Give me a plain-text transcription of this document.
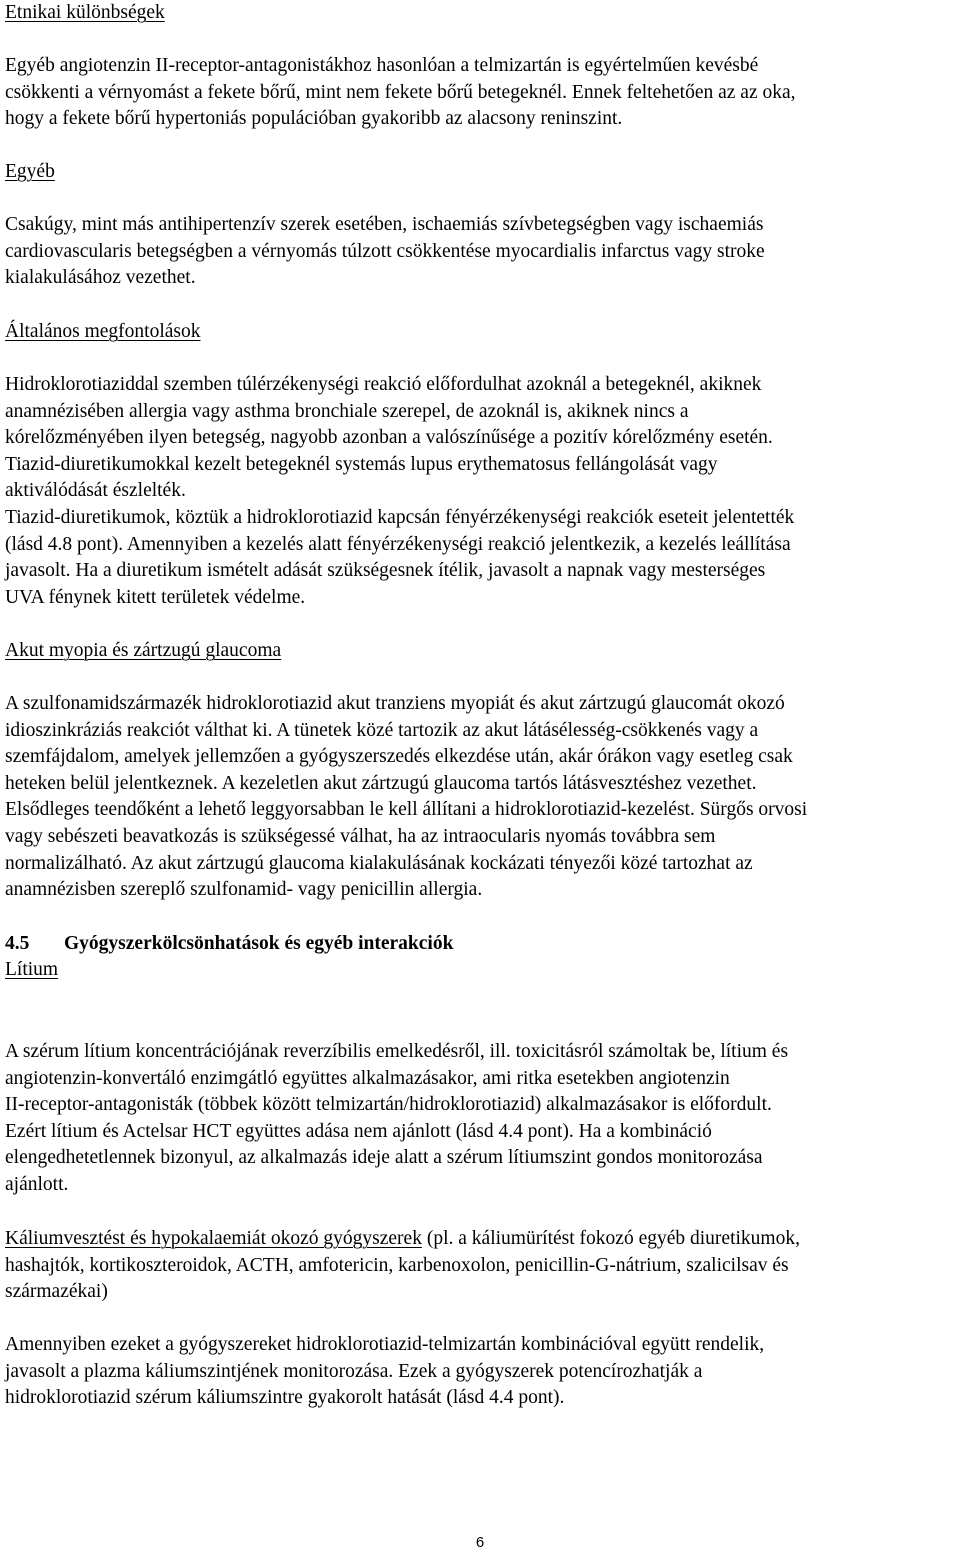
Etnikai különbségek
Egyéb angiotenzin II-receptor-antagonistákhoz hasonlóan a telmizartán is egyértelműen kevésbé
csökkenti a vérnyomást a fekete bőrű, mint nem fekete bőrű betegeknél. Ennek feltehetően az az oka,
hogy a fekete bőrű hypertoniás populációban gyakoribb az alacsony reninszint.
Egyéb
Csakúgy, mint más antihipertenzív szerek esetében, ischaemiás szívbetegségben vagy ischaemiás
cardiovascularis betegségben a vérnyomás túlzott csökkentése myocardialis infarctus vagy stroke
kialakulásához vezethet.
Általános megfontolások
Hidroklorotiaziddal szemben túlérzékenységi reakció előfordulhat azoknál a betegeknél, akiknek
anamnézisében allergia vagy asthma bronchiale szerepel, de azoknál is, akiknek nincs a
kórelőzményében ilyen betegség, nagyobb azonban a valószínűsége a pozitív kórelőzmény esetén.
Tiazid-diuretikumokkal kezelt betegeknél systemás lupus erythematosus fellángolását vagy
aktiválódását észlelték.
Tiazid-diuretikumok, köztük a hidroklorotiazid kapcsán fényérzékenységi reakciók eseteit jelentették
(lásd 4.8 pont). Amennyiben a kezelés alatt fényérzékenységi reakció jelentkezik, a kezelés leállítása
javasolt. Ha a diuretikum ismételt adását szükségesnek ítélik, javasolt a napnak vagy mesterséges
UVA fénynek kitett területek védelme.
Akut myopia és zártzugú glaucoma
A szulfonamidszármazék hidroklorotiazid akut tranziens myopiát és akut zártzugú glaucomát okozó
idioszinkráziás reakciót válthat ki. A tünetek közé tartozik az akut látásélesség-csökkenés vagy a
szemfájdalom, amelyek jellemzően a gyógyszerszedés elkezdése után, akár órákon vagy esetleg csak
heteken belül jelentkeznek. A kezeletlen akut zártzugú glaucoma tartós látásvesztéshez vezethet.
Elsődleges teendőként a lehető leggyorsabban le kell állítani a hidroklorotiazid-kezelést. Sürgős orvosi
vagy sebészeti beavatkozás is szükségessé válhat, ha az intraocularis nyomás továbbra sem
normalizálható. Az akut zártzugú glaucoma kialakulásának kockázati tényezői közé tartozhat az
anamnézisben szereplő szulfonamid- vagy penicillin allergia.
4.5 Gyógyszerkölcsönhatások és egyéb interakciók
Lítium
A szérum lítium koncentrációjának reverzíbilis emelkedésről, ill. toxicitásról számoltak be, lítium és
angiotenzin-konvertáló enzimgátló együttes alkalmazásakor, ami ritka esetekben angiotenzin
II-receptor-antagonisták (többek között telmizartán/hidroklorotiazid) alkalmazásakor is előfordult.
Ezért lítium és Actelsar HCT együttes adása nem ajánlott (lásd 4.4 pont). Ha a kombináció
elengedhetetlennek bizonyul, az alkalmazás ideje alatt a szérum lítiumszint gondos monitorozása
ajánlott.
Káliumvesztést és hypokalaemiát okozó gyógyszerek (pl. a káliumürítést fokozó egyéb diuretikumok,
hashajtók, kortikoszteroidok, ACTH, amfotericin, karbenoxolon, penicillin-G-nátrium, szalicilsav és
származékai)
Amennyiben ezeket a gyógyszereket hidroklorotiazid-telmizartán kombinációval együtt rendelik,
javasolt a plazma káliumszintjének monitorozása. Ezek a gyógyszerek potencírozhatják a
hidroklorotiazid szérum káliumszintre gyakorolt hatását (lásd 4.4 pont).
6
